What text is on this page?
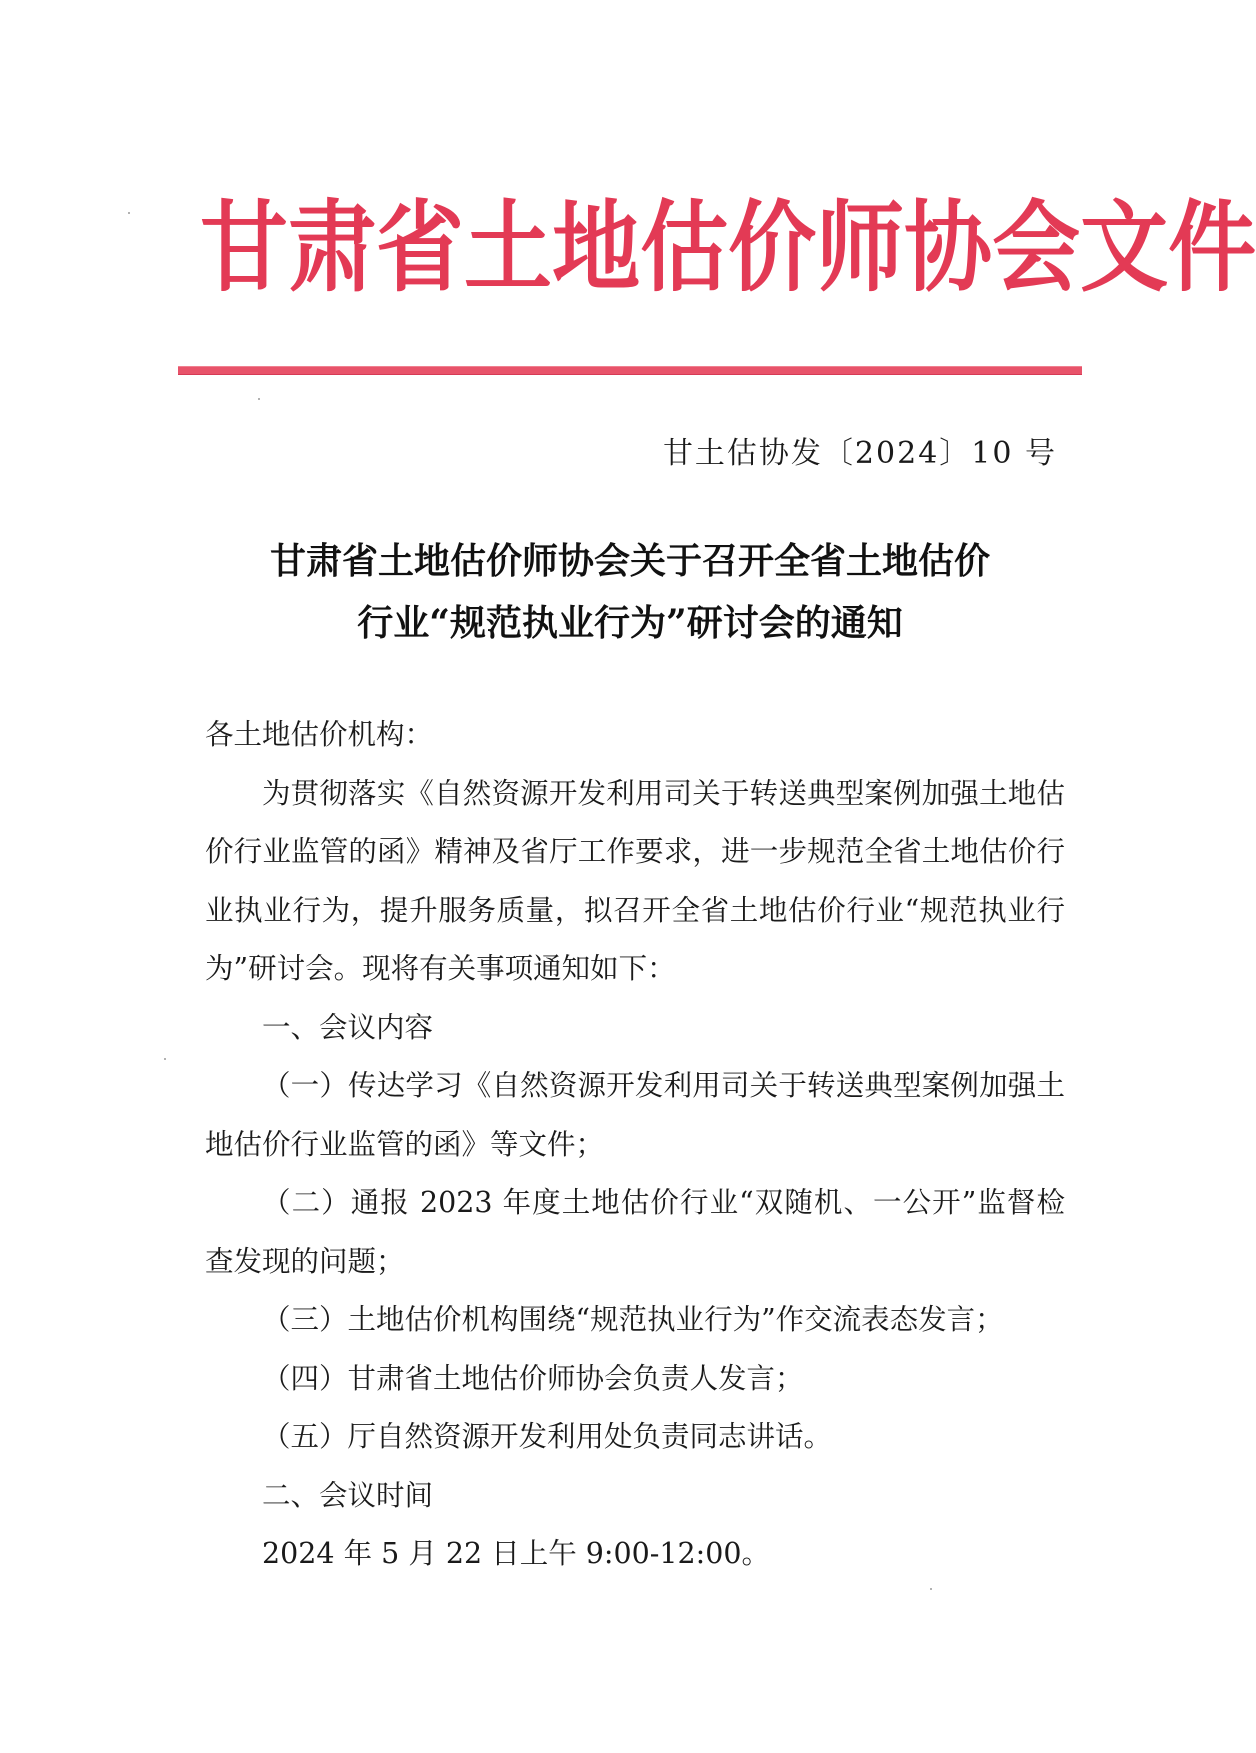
甘 肃 省 土 地 估 价 师 协 会 文 件
甘土估协发〔2024〕10 号
甘肃省土地估价师协会关于召开全省土地估价
行业“规范执业行为”研讨会的通知

各土地估价机构：

为贯彻落实《自然资源开发利用司关于转送典型案例加强土地估价行业监管的函》精神及省厅工作要求，进一步规范全省土地估价行业执业行为，提升服务质量，拟召开全省土地估价行业“规范执业行为”研讨会。现将有关事项通知如下：

一、会议内容

（一）传达学习《自然资源开发利用司关于转送典型案例加强土地估价行业监管的函》等文件；

（二）通报 2023 年度土地估价行业“双随机、一公开”监督检查发现的问题；

（三）土地估价机构围绕“规范执业行为”作交流表态发言；

（四）甘肃省土地估价师协会负责人发言；

（五）厅自然资源开发利用处负责同志讲话。

二、会议时间

2024 年 5 月 22 日上午 9:00-12:00。
